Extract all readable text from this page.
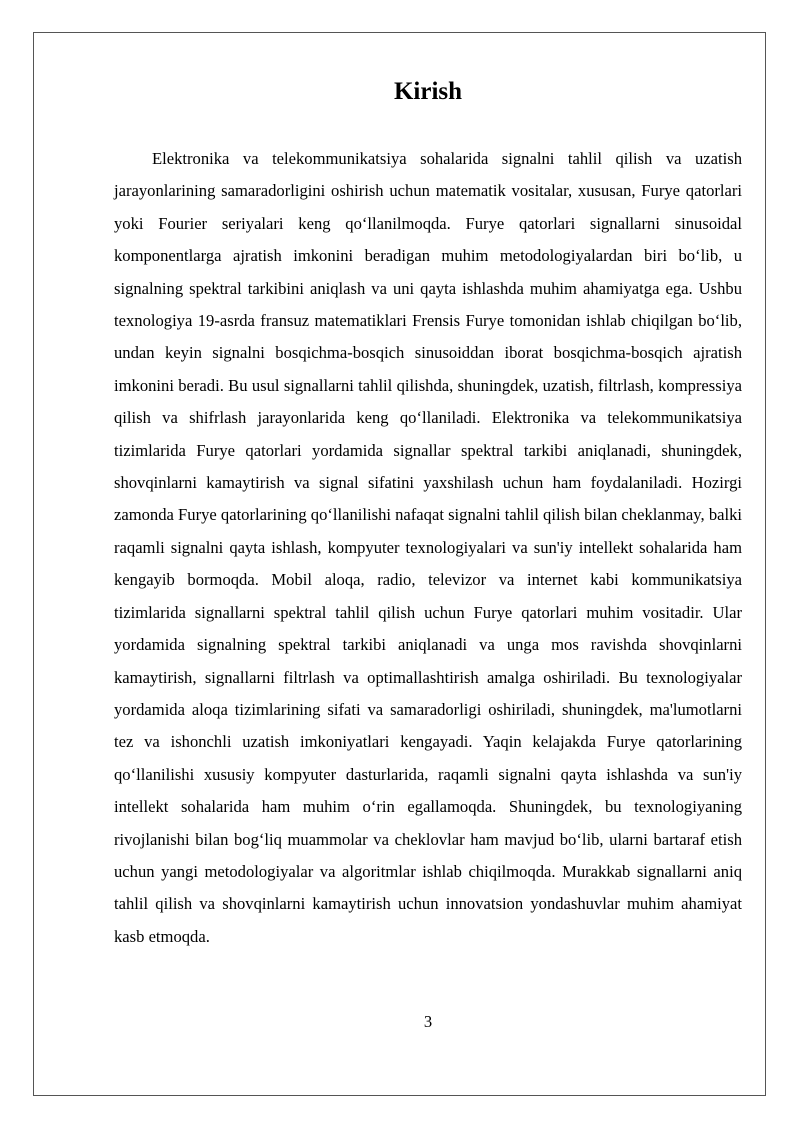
Kirish

Elektronika va telekommunikatsiya sohalarida signalni tahlil qilish va uzatish jarayonlarining samaradorligini oshirish uchun matematik vositalar, xususan, Furye qatorlari yoki Fourier seriyalari keng qo‘llanilmoqda. Furye qatorlari signallarni sinusoidal komponentlarga ajratish imkonini beradigan muhim metodologiyalardan biri bo‘lib, u signalning spektral tarkibini aniqlash va uni qayta ishlashda muhim ahamiyatga ega. Ushbu texnologiya 19-asrda fransuz matematiklari Frensis Furye tomonidan ishlab chiqilgan bo‘lib, undan keyin signalni bosqichma-bosqich sinusoiddan iborat bosqichma-bosqich ajratish imkonini beradi. Bu usul signallarni tahlil qilishda, shuningdek, uzatish, filtrlash, kompressiya qilish va shifrlash jarayonlarida keng qo‘llaniladi. Elektronika va telekommunikatsiya tizimlarida Furye qatorlari yordamida signallar spektral tarkibi aniqlanadi, shuningdek, shovqinlarni kamaytirish va signal sifatini yaxshilash uchun ham foydalaniladi. Hozirgi zamonda Furye qatorlarining qo‘llanilishi nafaqat signalni tahlil qilish bilan cheklanmay, balki raqamli signalni qayta ishlash, kompyuter texnologiyalari va sun'iy intellekt sohalarida ham kengayib bormoqda. Mobil aloqa, radio, televizor va internet kabi kommunikatsiya tizimlarida signallarni spektral tahlil qilish uchun Furye qatorlari muhim vositadir. Ular yordamida signalning spektral tarkibi aniqlanadi va unga mos ravishda shovqinlarni kamaytirish, signallarni filtrlash va optimallashtirish amalga oshiriladi. Bu texnologiyalar yordamida aloqa tizimlarining sifati va samaradorligi oshiriladi, shuningdek, ma'lumotlarni tez va ishonchli uzatish imkoniyatlari kengayadi. Yaqin kelajakda Furye qatorlarining qo‘llanilishi xususiy kompyuter dasturlarida, raqamli signalni qayta ishlashda va sun'iy intellekt sohalarida ham muhim o‘rin egallamoqda. Shuningdek, bu texnologiyaning rivojlanishi bilan bog‘liq muammolar va cheklovlar ham mavjud bo‘lib, ularni bartaraf etish uchun yangi metodologiyalar va algoritmlar ishlab chiqilmoqda. Murakkab signallarni aniq tahlil qilish va shovqinlarni kamaytirish uchun innovatsion yondashuvlar muhim ahamiyat kasb etmoqda.

3
